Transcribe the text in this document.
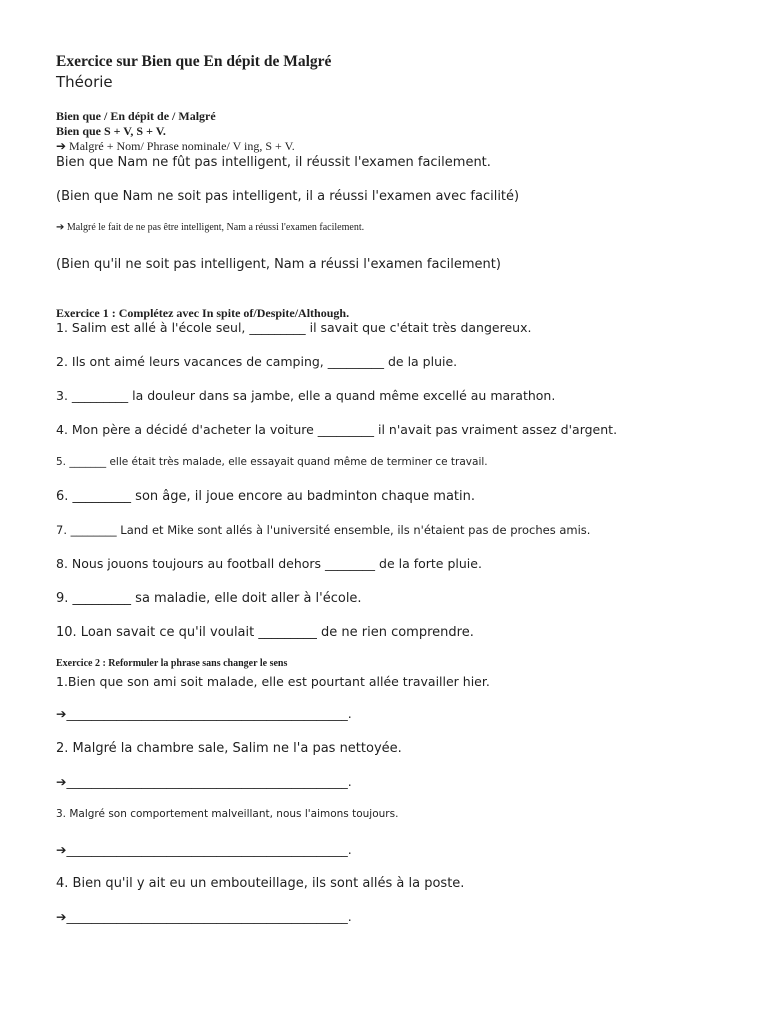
Exercice sur Bien que En dépit de Malgré
Théorie
Bien que / En dépit de / Malgré
Bien que S + V, S + V.
➔ Malgré + Nom/ Phrase nominale/ V ing, S + V.
Bien que Nam ne fût pas intelligent, il réussit l'examen facilement.
(Bien que Nam ne soit pas intelligent, il a réussi l'examen avec facilité)
➔ Malgré le fait de ne pas être intelligent, Nam a réussi l'examen facilement.
(Bien qu'il ne soit pas intelligent, Nam a réussi l'examen facilement)
Exercice 1 : Complétez avec In spite of/Despite/Although.
1. Salim est allé à l'école seul, _________ il savait que c'était très dangereux.
2. Ils ont aimé leurs vacances de camping, _________ de la pluie.
3. _________ la douleur dans sa jambe, elle a quand même excellé au marathon.
4. Mon père a décidé d'acheter la voiture _________ il n'avait pas vraiment assez d'argent.
5. _______ elle était très malade, elle essayait quand même de terminer ce travail.
6. _________ son âge, il joue encore au badminton chaque matin.
7. ________ Land et Mike sont allés à l'université ensemble, ils n'étaient pas de proches amis.
8. Nous jouons toujours au football dehors ________ de la forte pluie.
9. _________ sa maladie, elle doit aller à l'école.
10. Loan savait ce qu'il voulait _________ de ne rien comprendre.
Exercice 2 : Reformuler la phrase sans changer le sens
1.Bien que son ami soit malade, elle est pourtant allée travailler hier.
➔_____________________________________________.
2. Malgré la chambre sale, Salim ne l'a pas nettoyée.
➔_____________________________________________.
3. Malgré son comportement malveillant, nous l'aimons toujours.
➔_____________________________________________.
4. Bien qu'il y ait eu un embouteillage, ils sont allés à la poste.
➔_____________________________________________.
